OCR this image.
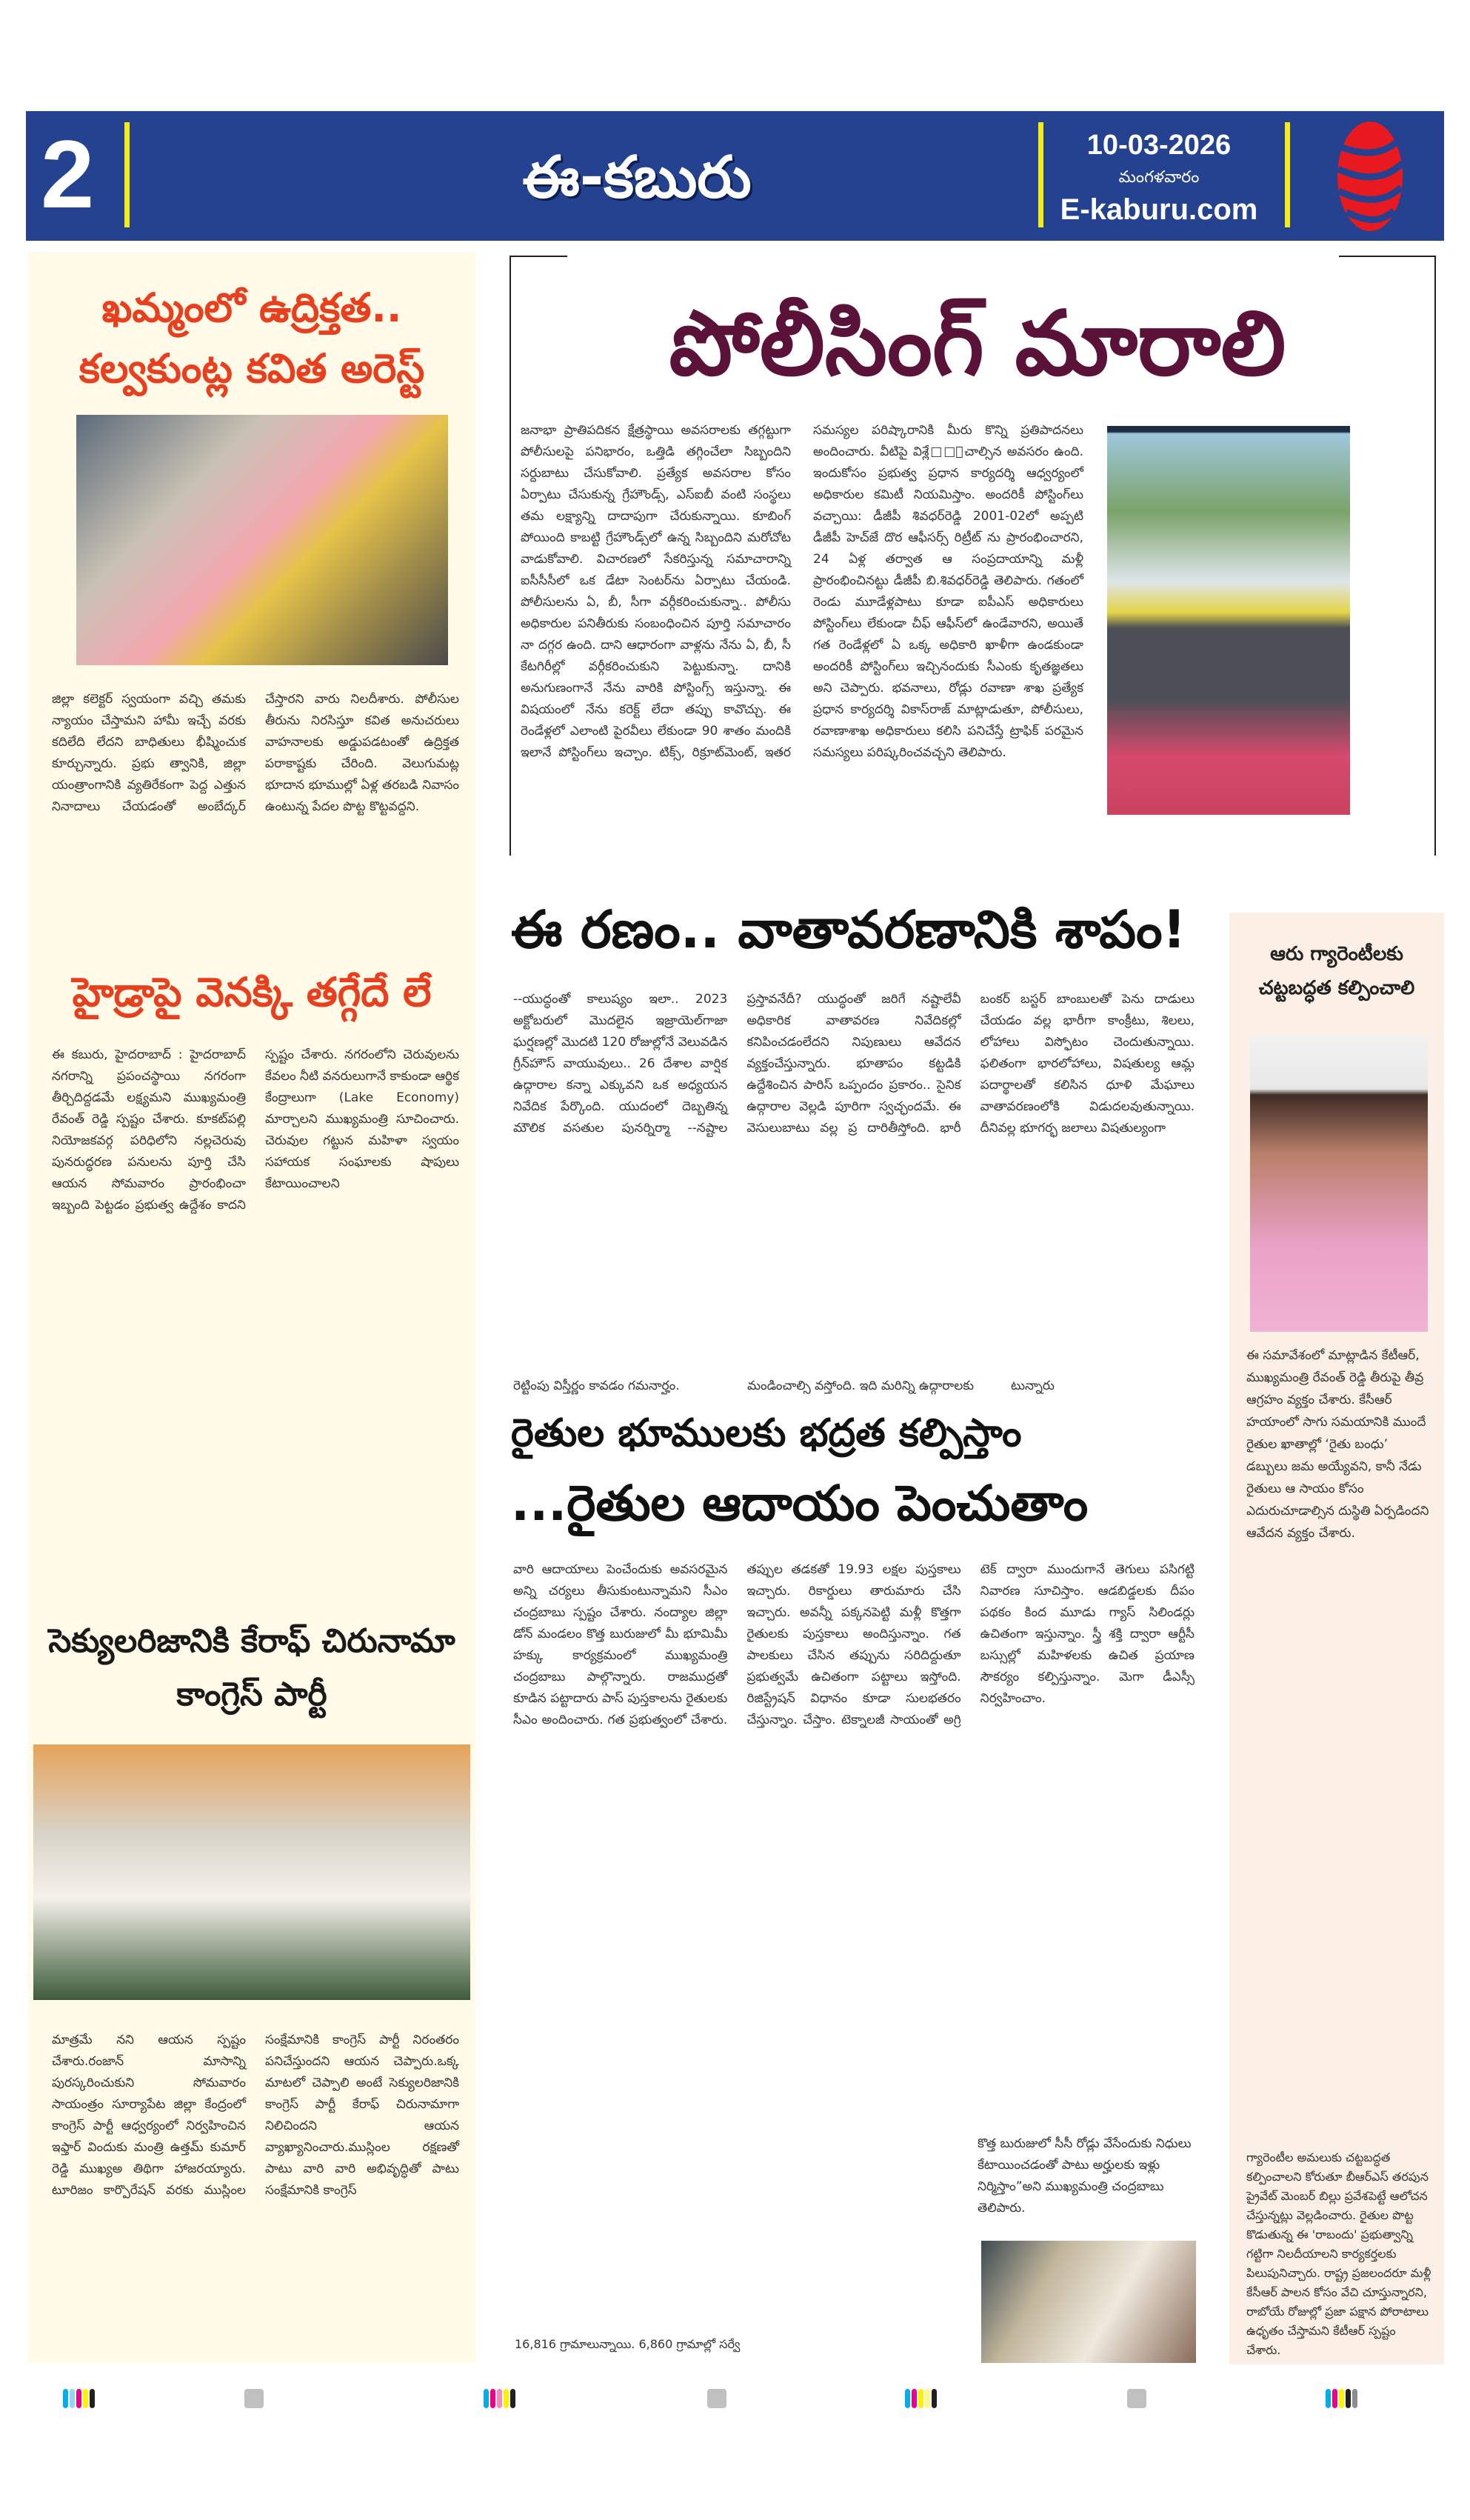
2	ఈ-కబురు	10-03-2026
మంగళవారం
E-kaburu.com
ఖమ్మంలో ఉద్రిక్తత..
కల్వకుంట్ల కవిత అరెస్ట్
జిల్లా కలెక్టర్ స్వయంగా వచ్చి తమకు న్యాయం చేస్తామని హామీ ఇచ్చే వరకు కదిలేది లేదని బాధితులు భీష్మించుక కూర్చున్నారు. ప్రభు త్వానికి, జిల్లా యంత్రాంగానికి వ్యతిరేకంగా పెద్ద ఎత్తున నినాదాలు చేయడంతో అంబేద్కర్ చేస్తారని వారు నిలదీశారు. పోలీసుల తీరును నిరసిస్తూ కవిత అనుచరులు వాహనాలకు అడ్డుపడటంతో ఉద్రిక్తత పరాకాష్టకు చేరింది. వెలుగుమట్ల భూదాన భూముల్లో ఏళ్ల తరబడి నివాసం ఉంటున్న పేదల పొట్ట కొట్టవద్దని.
హైడ్రాపై వెనక్కి తగ్గేదే లే
ఈ కబురు, హైదరాబాద్ : హైదరాబాద్ నగరాన్ని ప్రపంచస్థాయి నగరంగా తీర్చిదిద్దడమే లక్ష్యమని ముఖ్యమంత్రి రేవంత్ రెడ్డి స్పష్టం చేశారు. కూకట్‌పల్లి నియోజకవర్గ పరిధిలోని నల్లచెరువు పునరుద్ధరణ పనులను పూర్తి చేసి ఆయన సోమవారం ప్రారంభించా ఇబ్బంది పెట్టడం ప్రభుత్వ ఉద్దేశం కాదని స్పష్టం చేశారు. నగరంలోని చెరువులను కేవలం నీటి వనరులుగానే కాకుండా ఆర్థిక కేంద్రాలుగా (Lake Economy) మార్చాలని ముఖ్యమంత్రి సూచించారు. చెరువుల గట్టున మహిళా స్వయం సహాయక సంఘాలకు షాపులు కేటాయించాలని
సెక్యులరిజానికి కేరాఫ్ చిరునామా
కాంగ్రెస్ పార్టీ
మాత్రమే నని ఆయన స్పష్టం చేశారు.రంజాన్ మాసాన్ని పురస్కరించుకుని సోమవారం సాయంత్రం సూర్యాపేట జిల్లా కేంద్రంలో కాంగ్రెస్ పార్టీ ఆధ్వర్యంలో నిర్వహించిన ఇఫ్తార్ విందుకు మంత్రి ఉత్తమ్ కుమార్ రెడ్డి ముఖ్యఅ తిథిగా హాజరయ్యారు. టూరిజం కార్పొరేషన్ వరకు ముస్లింల సంక్షేమానికి కాంగ్రెస్ పార్టీ నిరంతరం పనిచేస్తుందని ఆయన చెప్పారు.ఒక్క మాటలో చెప్పాలి అంటే సెక్యులరిజానికి కాంగ్రెస్ పార్టీ కేరాఫ్ చిరునామాగా నిలిచిందని ఆయన వ్యాఖ్యానించారు.ముస్లింల రక్షణతో పాటు వారి వారి అభివృద్ధితో పాటు సంక్షేమానికి కాంగ్రెస్
పోలీసింగ్ మారాలి
జనాభా ప్రాతిపదికన క్షేత్రస్థాయి అవసరాలకు తగ్గట్టుగా పోలీసులపై పనిభారం, ఒత్తిడి తగ్గించేలా సిబ్బందిని సర్దుబాటు చేసుకోవాలి. ప్రత్యేక అవసరాల కోసం ఏర్పాటు చేసుకున్న గ్రేహౌండ్స్, ఎస్ఐబీ వంటి సంస్థలు తమ లక్ష్యాన్ని దాదాపుగా చేరుకున్నాయి. కూబింగ్ పోయింది కాబట్టి గ్రేహౌండ్స్‌లో ఉన్న సిబ్బందిని మరోచోట వాడుకోవాలి. విచారణలో సేకరిస్తున్న సమాచారాన్ని ఐసీసీసీలో ఒక డేటా సెంటర్‌ను ఏర్పాటు చేయండి. పోలీసులను ఏ, బీ, సీగా వర్గీకరించుకున్నా.. పోలీసు అధికారుల పనితీరుకు సంబంధించిన పూర్తి సమాచారం నా దగ్గర ఉంది. దాని ఆధారంగా వాళ్లను నేను ఏ, బీ, సీ కేటగిరీల్లో వర్గీకరించుకుని పెట్టుకున్నా. దానికి అనుగుణంగానే నేను వారికి పోస్టింగ్స్ ఇస్తున్నా. ఈ విషయంలో నేను కరెక్ట్ లేదా తప్పు కావొచ్చు. ఈ రెండేళ్లలో ఎలాంటి పైరవీలు లేకుండా 90 శాతం మందికి ఇలానే పోస్టింగ్‌లు ఇచ్చాం. టిక్స్, రిక్రూట్‌మెంట్, ఇతర సమస్యల పరిష్కారానికి మీరు కొన్ని ప్రతిపాదనలు అందించారు. వీటిపై విశ్లే□□ంచాల్సిన అవసరం ఉంది. ఇందుకోసం ప్రభుత్వ ప్రధాన కార్యదర్శి ఆధ్వర్యంలో అధికారుల కమిటీ నియమిస్తాం. అందరికీ పోస్టింగ్‌లు వచ్చాయి: డీజీపీ శివధర్‌రెడ్డి 2001-02లో అప్పటి డీజీపీ హెచ్‌జే దొర ఆఫీసర్స్ రిట్రీట్ ను ప్రారంభించారని, 24 ఏళ్ల తర్వాత ఆ సంప్రదాయాన్ని మళ్లీ ప్రారంభించినట్టు డీజీపీ బి.శివధర్‌రెడ్డి తెలిపారు. గతంలో రెండు మూడేళ్లపాటు కూడా ఐపీఎస్ అధికారులు పోస్టింగ్‌లు లేకుండా చీఫ్ ఆఫీస్‌లో ఉండేవారని, అయితే గత రెండేళ్లలో ఏ ఒక్క అధికారి ఖాళీగా ఉండకుండా అందరికీ పోస్టింగ్‌లు ఇచ్చినందుకు సీఎంకు కృతజ్ఞతలు అని చెప్పారు. భవనాలు, రోడ్లు రవాణా శాఖ ప్రత్యేక ప్రధాన కార్యదర్శి వికాస్‌రాజ్ మాట్లాడుతూ, పోలీసులు, రవాణాశాఖ అధికారులు కలిసి పనిచేస్తే ట్రాఫిక్ పరమైన సమస్యలు పరిష్కరించవచ్చని తెలిపారు.
ఈ రణం.. వాతావరణానికి శాపం!
--యుద్ధంతో కాలుష్యం ఇలా.. 2023 అక్టోబరులో మొదలైన ఇజ్రాయెల్‌గాజా ఘర్షణల్లో మొదటి 120 రోజుల్లోనే వెలువడిన గ్రీన్‌హౌస్ వాయువులు.. 26 దేశాల వార్షిక ఉద్గారాల కన్నా ఎక్కువని ఒక అధ్యయన నివేదిక పేర్కొంది. యుదంలో దెబ్బతిన్న మౌలిక వసతుల పునర్నిర్మా --నష్టాల ప్రస్తావనేదీ? యుద్ధంతో జరిగే నష్టాలేవీ అధికారిక వాతావరణ నివేదికల్లో కనిపించడంలేదని నిపుణులు ఆవేదన వ్యక్తంచేస్తున్నారు. భూతాపం కట్టడికి ఉద్దేశించిన పారిస్ ఒప్పందం ప్రకారం.. సైనిక ఉద్గారాల వెల్లడి పూరిగా స్వచ్ఛందమే. ఈ వెసులుబాటు వల్ల ప్ర దారితీస్తోంది. భారీ బంకర్ బస్టర్ బాంబులతో పెను దాడులు చేయడం వల్ల భారీగా కాంక్రీటు, శిలలు, లోహాలు విస్ఫోటం చెందుతున్నాయి. ఫలితంగా భారలోహాలు, విషతుల్య ఆమ్ల పదార్థాలతో కలిసిన ధూళి మేఘాలు వాతావరణంలోకి విడుదలవుతున్నాయి. దీనివల్ల భూగర్భ జలాలు విషతుల్యంగా
రెట్టింపు విస్తీర్ణం కావడం గమనార్హం.	మండించాల్సి వస్తోంది. ఇది మరిన్ని ఉద్గారాలకు	టున్నారు
రైతుల భూములకు భద్రత కల్పిస్తాం
...రైతుల ఆదాయం పెంచుతాం
వారి ఆదాయాలు పెంచేందుకు అవసరమైన అన్ని చర్యలు తీసుకుంటున్నామని సీఎం చంద్రబాబు స్పష్టం చేశారు. నంద్యాల జిల్లా డోన్ మండలం కొత్త బురుజులో మీ భూమిమీ హక్కు కార్యక్రమంలో ముఖ్యమంత్రి చంద్రబాబు పాల్గొన్నారు. రాజముద్రతో కూడిన పట్టాదారు పాస్ పుస్తకాలను రైతులకు సీఎం అందించారు. గత ప్రభుత్వంలో చేశారు. తప్పుల తడకతో 19.93 లక్షల పుస్తకాలు ఇచ్చారు. రికార్డులు తారుమారు చేసి ఇచ్చారు. అవన్నీ పక్కనపెట్టి మళ్లీ కొత్తగా రైతులకు పుస్తకాలు అందిస్తున్నాం. గత పాలకులు చేసిన తప్పును సరిదిద్దుతూ ప్రభుత్వమే ఉచితంగా పట్టాలు ఇస్తోంది. రిజిస్ట్రేషన్ విధానం కూడా సులభతరం చేస్తున్నాం. చేస్తాం. టెక్నాలజీ సాయంతో అగ్రి టెక్ ద్వారా ముందుగానే తెగులు పసిగట్టి నివారణ సూచిస్తాం. ఆడబిడ్డలకు దీపం పథకం కింద మూడు గ్యాస్ సిలిండర్లు ఉచితంగా ఇస్తున్నాం. స్త్రీ శక్తి ద్వారా ఆర్టీసీ బస్సుల్లో మహిళలకు ఉచిత ప్రయాణ సౌకర్యం కల్పిస్తున్నాం. మెగా డీఎస్సీ నిర్వహించాం.
కొత్త బురుజులో సీసీ రోడ్లు వేసేందుకు నిధులు కేటాయించడంతో పాటు అర్హులకు ఇళ్లు నిర్మిస్తాం”అని ముఖ్యమంత్రి చంద్రబాబు తెలిపారు.
16,816 గ్రామాలున్నాయి. 6,860 గ్రామాల్లో సర్వే
ఆరు గ్యారెంటీలకు
చట్టబద్ధత కల్పించాలి
ఈ సమావేశంలో మాట్లాడిన కేటీఆర్, ముఖ్యమంత్రి రేవంత్ రెడ్డి తీరుపై తీవ్ర ఆగ్రహం వ్యక్తం చేశారు. కేసీఆర్ హయాంలో సాగు సమయానికి ముందే రైతుల ఖాతాల్లో ‘రైతు బంధు’ డబ్బులు జమ అయ్యేవని, కానీ నేడు రైతులు ఆ సాయం కోసం ఎదురుచూడాల్సిన దుస్థితి ఏర్పడిందని ఆవేదన వ్యక్తం చేశారు.
గ్యారెంటీల అమలుకు చట్టబద్ధత కల్పించాలని కోరుతూ బీఆర్ఎస్ తరపున ప్రైవేట్ మెంబర్ బిల్లు ప్రవేశపెట్టే ఆలోచన చేస్తున్నట్లు వెల్లడించారు. రైతుల పొట్ట కొడుతున్న ఈ 'రాబందు' ప్రభుత్వాన్ని గట్టిగా నిలదీయాలని కార్యకర్తలకు పిలుపునిచ్చారు. రాష్ట్ర ప్రజలందరూ మళ్లీ కేసీఆర్ పాలన కోసం వేచి చూస్తున్నారని, రాబోయే రోజుల్లో ప్రజా పక్షాన పోరాటాలు ఉధృతం చేస్తామని కేటీఆర్ స్పష్టం చేశారు.
